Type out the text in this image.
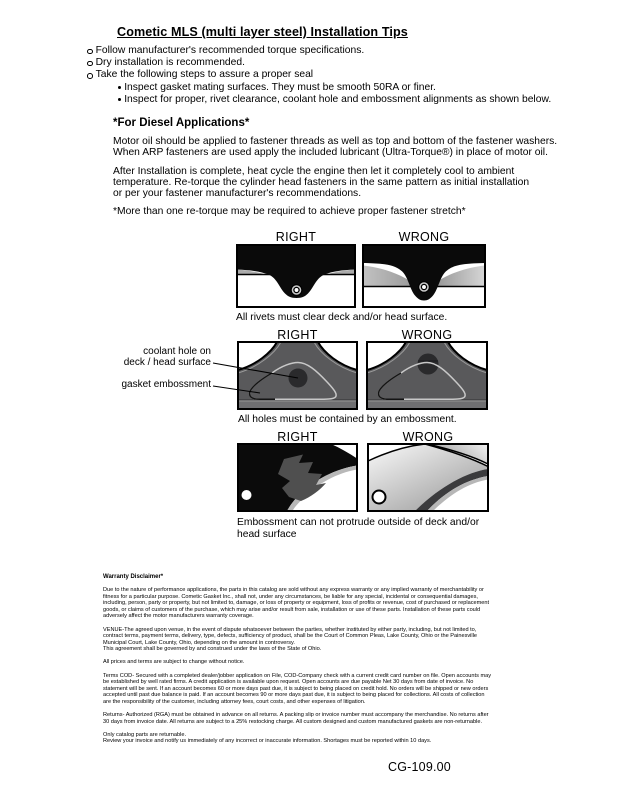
Cometic MLS (multi layer steel) Installation Tips
Follow manufacturer's recommended torque specifications.
Dry installation is recommended.
Take the following steps to assure a proper seal
Inspect gasket mating surfaces. They must be smooth 50RA or finer.
Inspect for proper, rivet clearance, coolant hole and embossment alignments as shown below.
*For Diesel Applications*
Motor oil should be applied to fastener threads as well as top and bottom of the fastener washers.
When ARP fasteners are used apply the included lubricant (Ultra-Torque®) in place of motor oil.
After Installation is complete, heat cycle the engine then let it completely cool to ambient
temperature. Re-torque the cylinder head fasteners in the same pattern as initial installation
or per your fastener manufacturer's recommendations.
*More than one re-torque may be required to achieve proper fastener stretch*
RIGHT	WRONG
All rivets must clear deck and/or head surface.
RIGHT	WRONG
coolant hole on
deck / head surface
gasket embossment
All holes must be contained by an embossment.
RIGHT	WRONG
Embossment can not protrude outside of deck and/or head surface
Warranty Disclaimer*
Due to the nature of performance applications, the parts in this catalog are sold without any express warranty or any implied warranty of merchantability or
fitness for a particular purpose. Cometic Gasket Inc., shall not, under any circumstances, be liable for any special, incidental or consequential damages,
including, person, party or property, but not limited to, damage, or loss of property or equipment, loss of profits or revenue, cost of purchased or replacement
goods, or claims of customers of the purchase, which may arise and/or result from sale, installation or use of these parts. Installation of these parts could
adversely affect the motor manufacturers warranty coverage.
VENUE-The agreed upon venue, in the event of dispute whatsoever between the parties, whether instituted by either party, including, but not limited to,
contract terms, payment terms, delivery, type, defects, sufficiency of product, shall be the Court of Common Pleas, Lake County, Ohio or the Painesville
Municipal Court, Lake County, Ohio, depending on the amount in controversy.
This agreement shall be governed by and construed under the laws of the State of Ohio.
All prices and terms are subject to change without notice.
Terms COD- Secured with a completed dealer/jobber application on File, COD-Company check with a current credit card number on file. Open accounts may
be established by well rated firms. A credit application is available upon request. Open accounts are due payable Net 30 days from date of invoice. No
statement will be sent. If an account becomes 60 or more days past due, it is subject to being placed on credit hold. No orders will be shipped or new orders
accepted until past due balance is paid. If an account becomes 90 or more days past due, it is subject to being placed for collections. All costs of collection
are the responsibility of the customer, including attorney fees, court costs, and other expenses of litigation.
Returns- Authorized (RGA) must be obtained in advance on all returns. A packing slip or invoice number must accompany the merchandise. No returns after
30 days from invoice date. All returns are subject to a 25% restocking charge. All custom designed and custom manufactured gaskets are non-returnable.
Only catalog parts are returnable.
Review your invoice and notify us immediately of any incorrect or inaccurate information. Shortages must be reported within 10 days.
CG-109.00
